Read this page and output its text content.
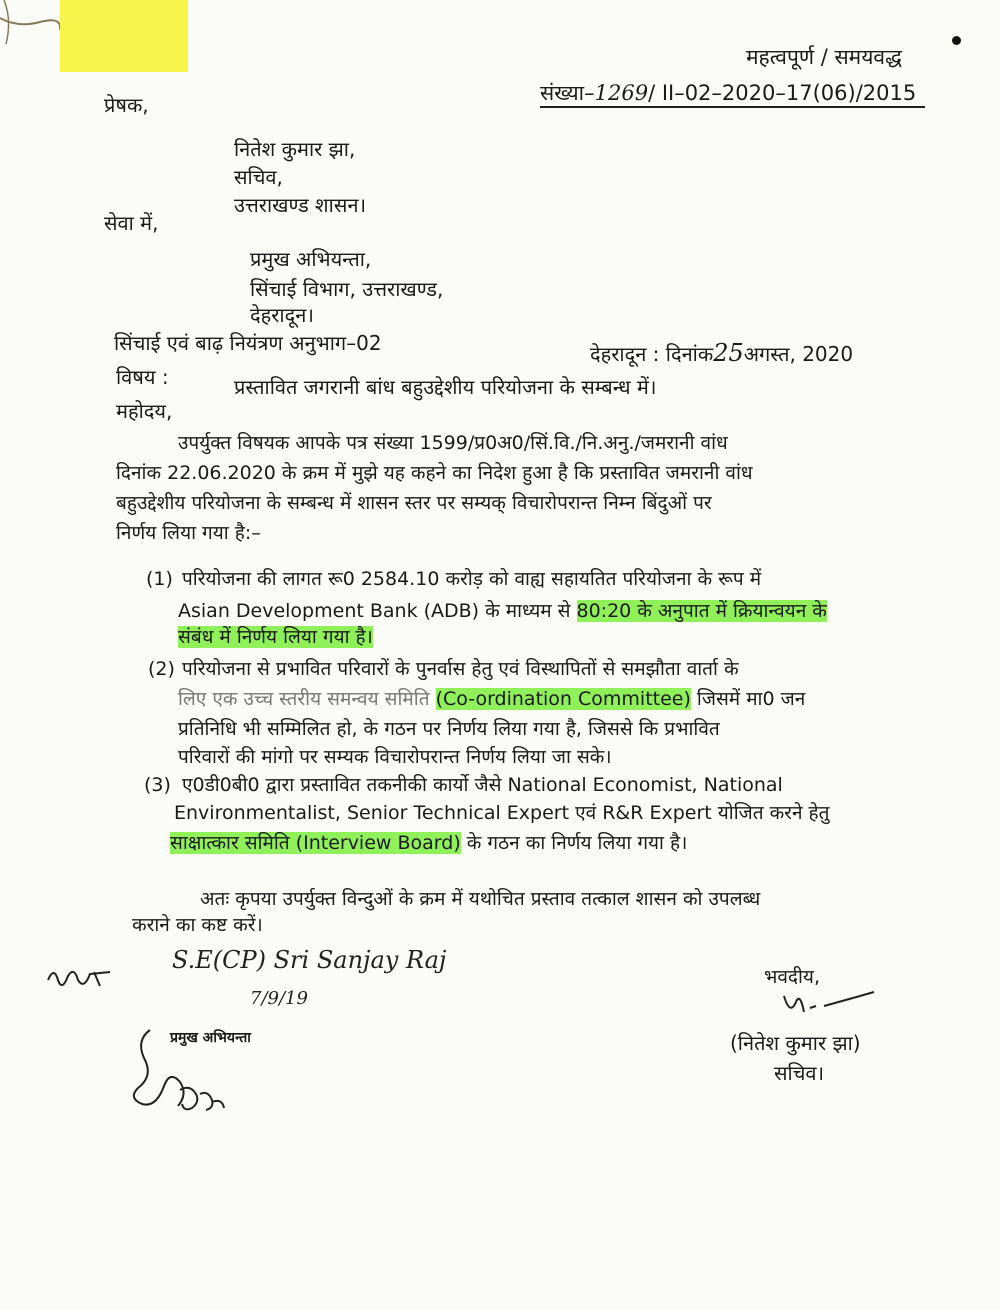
महत्वपूर्ण / समयवद्ध
संख्या–1269/ II–02–2020–17(06)/2015
प्रेषक,
नितेश कुमार झा,
सचिव,
उत्तराखण्ड शासन।
सेवा में,
प्रमुख अभियन्ता,
सिंचाई विभाग, उत्तराखण्ड,
देहरादून।
सिंचाई एवं बाढ़ नियंत्रण अनुभाग–02	देहरादून : दिनांक25अगस्त, 2020
विषय :	प्रस्तावित जगरानी बांध बहुउद्देशीय परियोजना के सम्बन्ध में।
महोदय,
उपर्युक्त विषयक आपके पत्र संख्या 1599/प्र0अ0/सिं.वि./नि.अनु./जमरानी वांध
दिनांक 22.06.2020 के क्रम में मुझे यह कहने का निदेश हुआ है कि प्रस्तावित जमरानी वांध
बहुउद्देशीय परियोजना के सम्बन्ध में शासन स्तर पर सम्यक् विचारोपरान्त निम्न बिंदुओं पर
निर्णय लिया गया है:–
(1) परियोजना की लागत रू0 2584.10 करोड़ को वाह्य सहायतित परियोजना के रूप में
Asian Development Bank (ADB) के माध्यम से 80:20 के अनुपात में क्रियान्वयन के
संबंध में निर्णय लिया गया है।
(2) परियोजना से प्रभावित परिवारों के पुनर्वास हेतु एवं विस्थापितों से समझौता वार्ता के
लिए एक उच्च स्तरीय समन्वय समिति (Co-ordination Committee) जिसमें मा0 जन
प्रतिनिधि भी सम्मिलित हो, के गठन पर निर्णय लिया गया है, जिससे कि प्रभावित
परिवारों की मांगो पर सम्यक विचारोपरान्त निर्णय लिया जा सके।
(3) ए0डी0बी0 द्वारा प्रस्तावित तकनीकी कार्यो जैसे National Economist, National
Environmentalist, Senior Technical Expert एवं R&R Expert योजित करने हेतु
साक्षात्कार समिति (Interview Board) के गठन का निर्णय लिया गया है।
अतः कृपया उपर्युक्त विन्दुओं के क्रम में यथोचित प्रस्ताव तत्काल शासन को उपलब्ध
कराने का कष्ट करें।
S.E(CP) Sri Sanjay Raj
7/9/19
प्रमुख अभियन्ता
भवदीय,
(नितेश कुमार झा)
सचिव।
